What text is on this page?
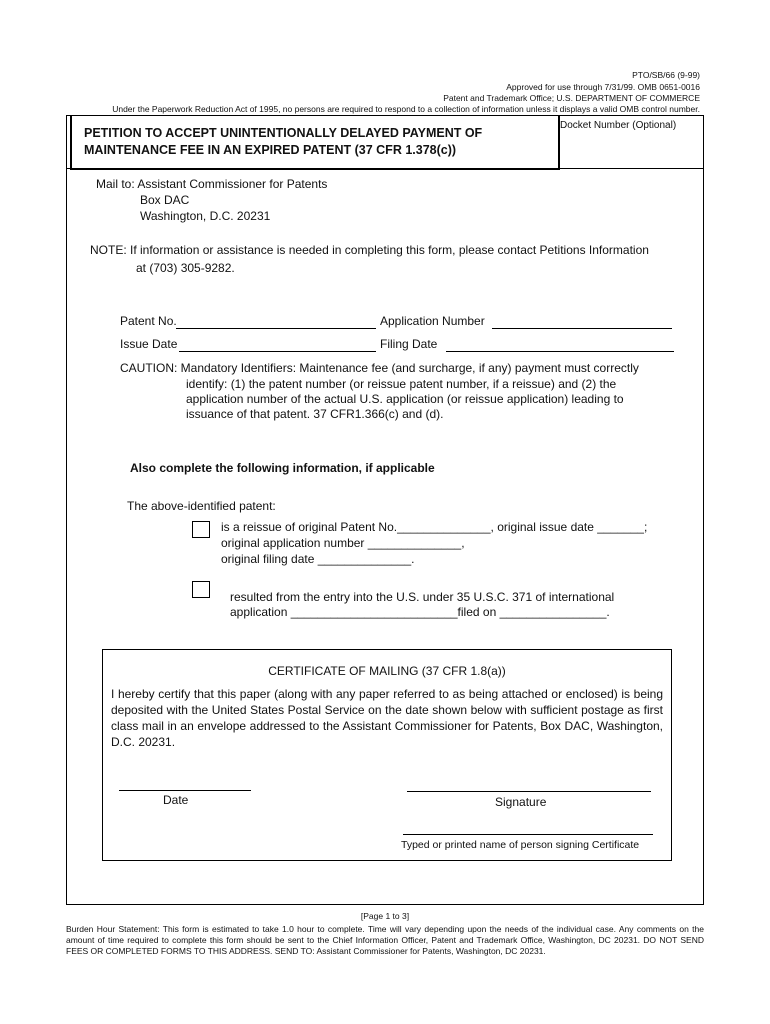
PTO/SB/66 (9-99)
Approved for use through 7/31/99. OMB 0651-0016
Patent and Trademark Office; U.S. DEPARTMENT OF COMMERCE
Under the Paperwork Reduction Act of 1995, no persons are required to respond to a collection of information unless it displays a valid OMB control number.
PETITION TO ACCEPT UNINTENTIONALLY DELAYED PAYMENT OF
MAINTENANCE FEE IN AN EXPIRED PATENT (37 CFR 1.378(c))
Docket Number (Optional)
Mail to: Assistant Commissioner for Patents
Box DAC
Washington, D.C. 20231
NOTE: If information or assistance is needed in completing this form, please contact Petitions Information
at (703) 305-9282.
Patent No.	Application Number
Issue Date	Filing Date
CAUTION: Mandatory Identifiers: Maintenance fee (and surcharge, if any) payment must correctly
identify: (1) the patent number (or reissue patent number, if a reissue) and (2) the
application number of the actual U.S. application (or reissue application) leading to
issuance of that patent. 37 CFR1.366(c) and (d).
Also complete the following information, if applicable
The above-identified patent:
is a reissue of original Patent No.______________, original issue date _______;
original application number ______________,
original filing date ______________.
resulted from the entry into the U.S. under 35 U.S.C. 371 of international
application _________________________filed on ________________.
CERTIFICATE OF MAILING (37 CFR 1.8(a))
I hereby certify that this paper (along with any paper referred to as being attached or enclosed) is being deposited with the United States Postal Service on the date shown below with sufficient postage as first class mail in an envelope addressed to the Assistant Commissioner for Patents, Box DAC, Washington, D.C. 20231.
Date	Signature
Typed or printed name of person signing Certificate
[Page 1 to 3]
Burden Hour Statement: This form is estimated to take 1.0 hour to complete. Time will vary depending upon the needs of the individual case. Any comments on the amount of time required to complete this form should be sent to the Chief Information Officer, Patent and Trademark Office, Washington, DC 20231. DO NOT SEND FEES OR COMPLETED FORMS TO THIS ADDRESS. SEND TO: Assistant Commissioner for Patents, Washington, DC 20231.
